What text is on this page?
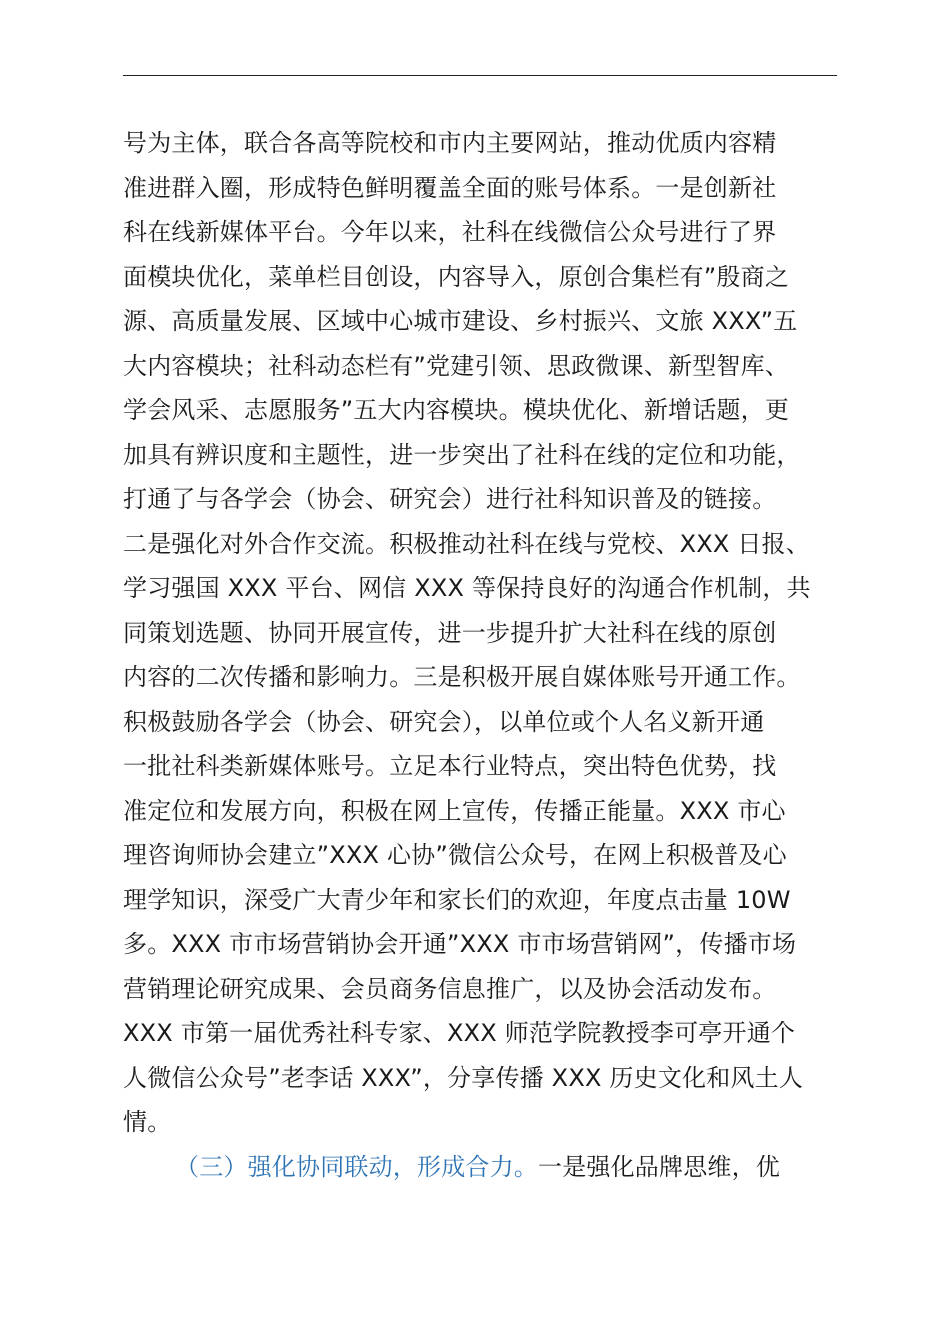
号为主体，联合各高等院校和市内主要网站，推动优质内容精
准进群入圈，形成特色鲜明覆盖全面的账号体系。一是创新社
科在线新媒体平台。今年以来，社科在线微信公众号进行了界
面模块优化，菜单栏目创设，内容导入，原创合集栏有”殷商之
源、高质量发展、区域中心城市建设、乡村振兴、文旅 XXX”五
大内容模块；社科动态栏有”党建引领、思政微课、新型智库、
学会风采、志愿服务”五大内容模块。模块优化、新增话题，更
加具有辨识度和主题性，进一步突出了社科在线的定位和功能，
打通了与各学会（协会、研究会）进行社科知识普及的链接。
二是强化对外合作交流。积极推动社科在线与党校、XXX 日报、
学习强国 XXX 平台、网信 XXX 等保持良好的沟通合作机制，共
同策划选题、协同开展宣传，进一步提升扩大社科在线的原创
内容的二次传播和影响力。三是积极开展自媒体账号开通工作。
积极鼓励各学会（协会、研究会），以单位或个人名义新开通
一批社科类新媒体账号。立足本行业特点，突出特色优势，找
准定位和发展方向，积极在网上宣传，传播正能量。XXX 市心
理咨询师协会建立”XXX 心协”微信公众号，在网上积极普及心
理学知识，深受广大青少年和家长们的欢迎，年度点击量 10W
多。XXX 市市场营销协会开通”XXX 市市场营销网”，传播市场
营销理论研究成果、会员商务信息推广，以及协会活动发布。
XXX 市第一届优秀社科专家、XXX 师范学院教授李可亭开通个
人微信公众号”老李话 XXX”，分享传播 XXX 历史文化和风土人
情。
（三）强化协同联动，形成合力。一是强化品牌思维，优
